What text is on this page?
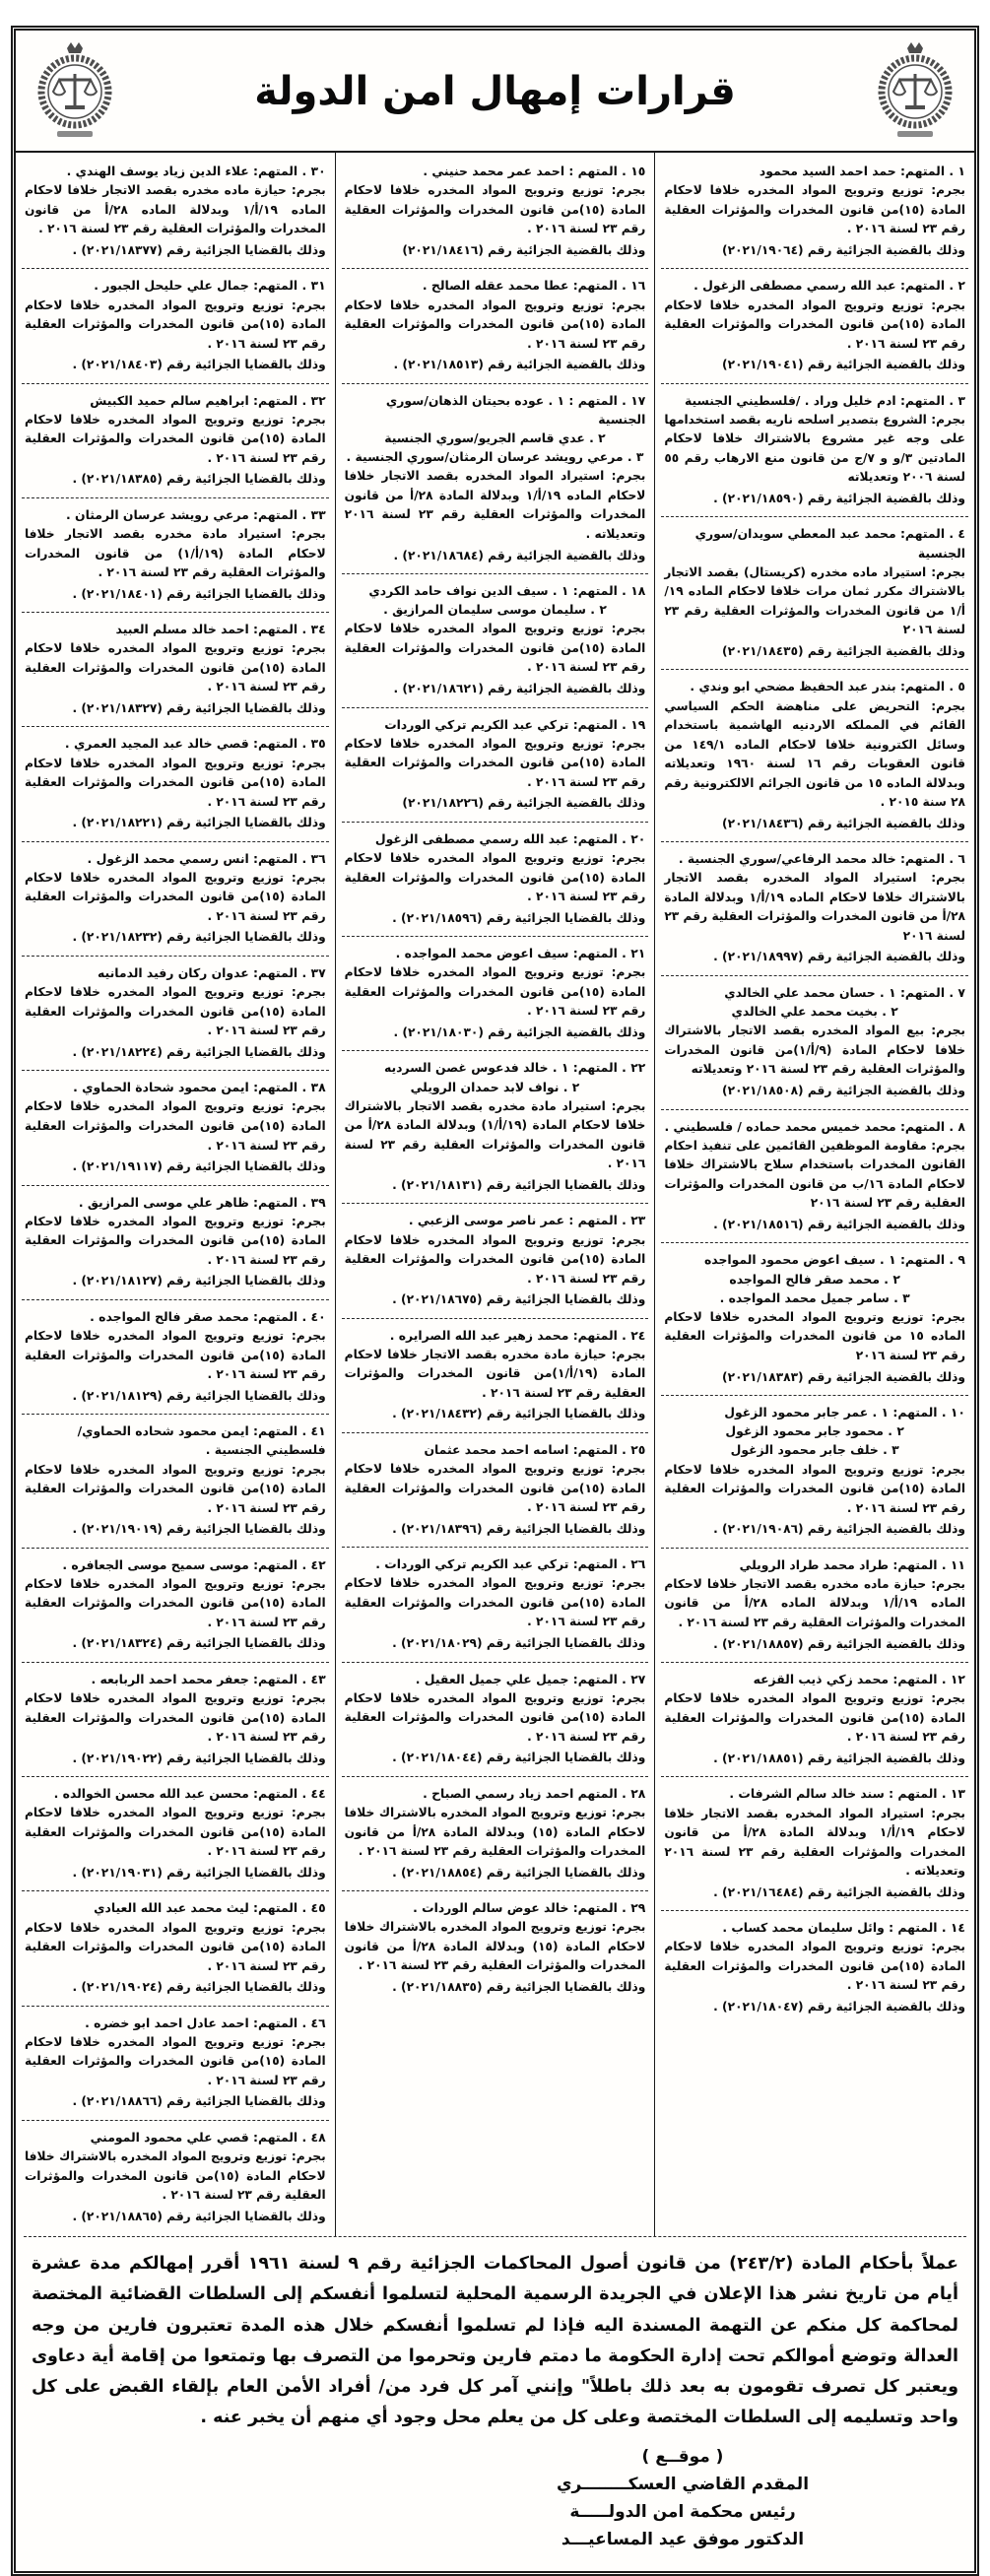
قرارات إمهال امن الدولة
١ . المتهم: حمد احمد السيد محمود
بجرم: توزيع وترويج المواد المخدره خلافا لاحكام المادة (١٥)من قانون المخدرات والمؤثرات العقلية رقم ٢٣ لسنة ٢٠١٦ .
وذلك بالقضية الجزائية رقم (٢٠٢١/١٩٠٦٤)
٢ . المتهم: عبد الله رسمي مصطفى الزغول .
بجرم: توزيع وترويج المواد المخدره خلافا لاحكام المادة (١٥)من قانون المخدرات والمؤثرات العقلية رقم ٢٣ لسنة ٢٠١٦ .
وذلك بالقضية الجزائية رقم (٢٠٢١/١٩٠٤١)
٣ . المتهم: ادم خليل وراد . /فلسطيني الجنسية
بجرم: الشروع بتصدير اسلحه ناريه بقصد استخدامها على وجه غير مشروع بالاشتراك خلافا لاحكام المادتين ٣/و و ٧/ج من قانون منع الارهاب رقم ٥٥ لسنة ٢٠٠٦ وتعديلاته
وذلك بالقضية الجزائية رقم (٢٠٢١/١٨٥٩٠) .
٤ . المتهم: محمد عبد المعطي سويدان/سوري الجنسية
بجرم: استيراد ماده مخدره (كريستال) بقصد الاتجار بالاشتراك مكرر ثمان مرات خلافا لاحكام الماده ١٩/أ/١ من قانون المخدرات والمؤثرات العقلية رقم ٢٣ لسنة ٢٠١٦
وذلك بالقضية الجزائية رقم (٢٠٢١/١٨٤٣٥)
٥ . المتهم: بندر عبد الحفيظ مضحي ابو وندي .
بجرم: التحريض على مناهضة الحكم السياسي القائم في المملكه الاردنيه الهاشمية باستخدام وسائل الكترونية خلافا لاحكام الماده ١٤٩/١ من قانون العقوبات رقم ١٦ لسنة ١٩٦٠ وتعديلاته وبدلالة الماده ١٥ من قانون الجرائم الالكترونية رقم ٢٨ سنة ٢٠١٥ .
وذلك بالقضية الجزائية رقم (٢٠٢١/١٨٤٣٦)
٦ . المتهم: خالد محمد الرفاعي/سوري الجنسية .
بجرم: استيراد المواد المخدره بقصد الاتجار بالاشتراك خلافا لاحكام الماده ١٩/أ/١ وبدلالة المادة ٢٨/أ من قانون المخدرات والمؤثرات العقلية رقم ٢٣ لسنة ٢٠١٦
وذلك بالقضية الجزائية رقم (٢٠٢١/١٨٩٩٧) .
٧ . المتهم: ١ . حسان محمد علي الخالدي
٢ . بخيت محمد علي الخالدي
بجرم: بيع المواد المخدره بقصد الاتجار بالاشتراك خلافا لاحكام المادة (٩/أ/١)من قانون المخدرات والمؤثرات العقلية رقم ٢٣ لسنة ٢٠١٦ وتعديلاته
وذلك بالقضية الجزائية رقم (٢٠٢١/١٨٥٠٨)
٨ . المتهم: محمد خميس محمد حماده / فلسطيني .
بجرم: مقاومة الموظفين القائمين على تنفيذ احكام القانون المخدرات باستخدام سلاح بالاشتراك خلافا لاحكام المادة ١٦/ب من قانون المخدرات والمؤثرات العقلية رقم ٢٣ لسنة ٢٠١٦
وذلك بالقضية الجزائية رقم (٢٠٢١/١٨٥١٦) .
٩ . المتهم: ١ . سيف اعوض محمود المواجده
٢ . محمد صقر فالح المواجده
٣ . سامر جميل محمد المواجده .
بجرم: توزيع وترويج المواد المخدره خلافا لاحكام الماده ١٥ من قانون المخدرات والمؤثرات العقلية رقم ٢٣ لسنة ٢٠١٦
وذلك بالقضية الجزائية رقم (٢٠٢١/١٨٣٨٣)
١٠ . المتهم: ١ . عمر جابر محمود الزغول
٢ . محمود جابر محمود الزغول
٣ . خلف جابر محمود الزغول
بجرم: توزيع وترويج المواد المخدره خلافا لاحكام المادة (١٥)من قانون المخدرات والمؤثرات العقلية رقم ٢٣ لسنة ٢٠١٦ .
وذلك بالقضية الجزائية رقم (٢٠٢١/١٩٠٨٦) .
١١ . المتهم: طراد محمد طراد الرويلي
بجرم: حيازة ماده مخدره بقصد الاتجار خلافا لاحكام الماده ١٩/أ/١ وبدلالة الماده ٢٨/أ من قانون المخدرات والمؤثرات العقلية رقم ٢٣ لسنة ٢٠١٦ .
وذلك بالقضية الجزائية رقم (٢٠٢١/١٨٨٥٧) .
١٢ . المتهم: محمد زكي ذيب القزعه
بجرم: توزيع وترويج المواد المخدره خلافا لاحكام المادة (١٥)من قانون المخدرات والمؤثرات العقلية رقم ٢٣ لسنة ٢٠١٦ .
وذلك بالقضية الجزائية رقم (٢٠٢١/١٨٨٥١) .
١٣ . المتهم : سند خالد سالم الشرفات .
بجرم: استيراد المواد المخدره بقصد الاتجار خلافا لاحكام ١٩/أ/١ وبدلالة المادة ٢٨/أ من قانون المخدرات والمؤثرات العقلية رقم ٢٣ لسنة ٢٠١٦ وتعديلاته .
وذلك بالقضية الجزائية رقم (٢٠٢١/١٦٤٨٤) .
١٤ . المتهم : وائل سليمان محمد كساب .
بجرم: توزيع وترويج المواد المخدره خلافا لاحكام المادة (١٥)من قانون المخدرات والمؤثرات العقلية رقم ٢٣ لسنة ٢٠١٦ .
وذلك بالقضية الجزائية رقم (٢٠٢١/١٨٠٤٧) .
١٥ . المتهم : احمد عمر محمد حنيني .
بجرم: توزيع وترويج المواد المخدره خلافا لاحكام المادة (١٥)من قانون المخدرات والمؤثرات العقلية رقم ٢٣ لسنة ٢٠١٦ .
وذلك بالقضية الجزائية رقم (٢٠٢١/١٨٤١٦)
١٦ . المتهم: عطا محمد عقله الصالح .
بجرم: توزيع وترويج المواد المخدره خلافا لاحكام المادة (١٥)من قانون المخدرات والمؤثرات العقلية رقم ٢٣ لسنة ٢٠١٦ .
وذلك بالقضية الجزائية رقم (٢٠٢١/١٨٥١٣) .
١٧ . المتهم : ١ . عوده بحيتان الذهان/سوري الجنسية
٢ . عدي قاسم الجريو/سوري الجنسية
٣ . مرعي رويشد عرسان الرمثان/سوري الجنسية .
بجرم: استيراد المواد المخدره بقصد الاتجار خلافا لاحكام الماده ١٩/أ/١ وبدلالة المادة ٢٨/أ من قانون المخدرات والمؤثرات العقلية رقم ٢٣ لسنة ٢٠١٦ وتعديلاته .
وذلك بالقضية الجزائية رقم (٢٠٢١/١٨٦٨٤) .
١٨ . المتهم: ١ . سيف الدين نواف حامد الكردي
٢ . سليمان موسى سليمان المرازيق .
بجرم: توزيع وترويج المواد المخدره خلافا لاحكام المادة (١٥)من قانون المخدرات والمؤثرات العقلية رقم ٢٣ لسنة ٢٠١٦ .
وذلك بالقضية الجزائية رقم (٢٠٢١/١٨٦٢١) .
١٩ . المتهم: تركي عبد الكريم تركي الوردات
بجرم: توزيع وترويج المواد المخدره خلافا لاحكام المادة (١٥)من قانون المخدرات والمؤثرات العقلية رقم ٢٣ لسنة ٢٠١٦ .
وذلك بالقضية الجزائية رقم (٢٠٢١/١٨٢٢٦)
٢٠ . المتهم: عبد الله رسمي مصطفى الزغول
بجرم: توزيع وترويج المواد المخدره خلافا لاحكام المادة (١٥)من قانون المخدرات والمؤثرات العقلية رقم ٢٣ لسنة ٢٠١٦ .
وذلك بالقضايا الجزائية رقم (٢٠٢١/١٨٥٩٦) .
٢١ . المتهم: سيف اعوض محمد المواجده .
بجرم: توزيع وترويج المواد المخدره خلافا لاحكام المادة (١٥)من قانون المخدرات والمؤثرات العقلية رقم ٢٣ لسنة ٢٠١٦ .
وذلك بالقضية الجزائية رقم (٢٠٢١/١٨٠٣٠) .
٢٢ . المتهم: ١ . خالد فدعوس غصن السرديه
٢ . نواف لابد حمدان الرويلي
بجرم: استيراد مادة مخدره بقصد الاتجار بالاشتراك خلافا لاحكام المادة (١٩/أ/١) وبدلالة المادة ٢٨/أ من قانون المخدرات والمؤثرات العقلية رقم ٢٣ لسنة ٢٠١٦ .
وذلك بالقضايا الجزائية رقم (٢٠٢١/١٨١٣١) .
٢٣ . المتهم : عمر ناصر موسى الزعبي .
بجرم: توزيع وترويج المواد المخدره خلافا لاحكام المادة (١٥)من قانون المخدرات والمؤثرات العقلية رقم ٢٣ لسنة ٢٠١٦ .
وذلك بالقضايا الجزائية رقم (٢٠٢١/١٨٦٧٥) .
٢٤ . المتهم: محمد زهير عبد الله الصرايره .
بجرم: حيازة مادة مخدره بقصد الاتجار خلافا لاحكام المادة (١٩/أ/١)من قانون المخدرات والمؤثرات العقلية رقم ٢٣ لسنة ٢٠١٦ .
وذلك بالقضايا الجزائية رقم (٢٠٢١/١٨٤٣٢) .
٢٥ . المتهم: اسامه احمد محمد عثمان
بجرم: توزيع وترويج المواد المخدره خلافا لاحكام المادة (١٥)من قانون المخدرات والمؤثرات العقلية رقم ٢٣ لسنة ٢٠١٦ .
وذلك بالقضايا الجزائية رقم (٢٠٢١/١٨٣٩٦) .
٢٦ . المتهم: تركي عبد الكريم تركي الوردات .
بجرم: توزيع وترويج المواد المخدره خلافا لاحكام المادة (١٥)من قانون المخدرات والمؤثرات العقلية رقم ٢٣ لسنة ٢٠١٦ .
وذلك بالقضايا الجزائية رقم (٢٠٢١/١٨٠٢٩) .
٢٧ . المتهم: جميل علي جميل العقيل .
بجرم: توزيع وترويج المواد المخدره خلافا لاحكام المادة (١٥)من قانون المخدرات والمؤثرات العقلية رقم ٢٣ لسنة ٢٠١٦ .
وذلك بالقضايا الجزائية رقم (٢٠٢١/١٨٠٤٤) .
٢٨ . المتهم احمد زياد رسمي الصباح .
بجرم: توزيع وترويج المواد المخدره بالاشتراك خلافا لاحكام المادة (١٥) وبدلالة المادة ٢٨/أ من قانون المخدرات والمؤثرات العقلية رقم ٢٣ لسنة ٢٠١٦ .
وذلك بالقضايا الجزائية رقم (٢٠٢١/١٨٨٥٤) .
٢٩ . المتهم: خالد عوض سالم الوردات .
بجرم: توزيع وترويج المواد المخدره بالاشتراك خلافا لاحكام المادة (١٥) وبدلالة المادة ٢٨/أ من قانون المخدرات والمؤثرات العقلية رقم ٢٣ لسنة ٢٠١٦ .
وذلك بالقضايا الجزائية رقم (٢٠٢١/١٨٨٣٥) .
٣٠ . المتهم: علاء الدين زياد يوسف الهندي .
بجرم: حيازة ماده مخدره بقصد الاتجار خلافا لاحكام الماده ١٩/أ/١ وبدلالة الماده ٢٨/أ من قانون المخدرات والمؤثرات العقلية رقم ٢٣ لسنة ٢٠١٦ .
وذلك بالقضايا الجزائية رقم (٢٠٢١/١٨٣٧٧) .
٣١ . المتهم: جمال علي حليحل الجبور .
بجرم: توزيع وترويج المواد المخدره خلافا لاحكام المادة (١٥)من قانون المخدرات والمؤثرات العقلية رقم ٢٣ لسنة ٢٠١٦ .
وذلك بالقضايا الجزائية رقم (٢٠٢١/١٨٤٠٣) .
٣٢ . المتهم: ابراهيم سالم حميد الكبيش
بجرم: توزيع وترويج المواد المخدره خلافا لاحكام المادة (١٥)من قانون المخدرات والمؤثرات العقلية رقم ٢٣ لسنة ٢٠١٦ .
وذلك بالقضايا الجزائية رقم (٢٠٢١/١٨٣٨٥) .
٣٣ . المتهم: مرعي رويشد عرسان الرمثان .
بجرم: استيراد مادة مخدره بقصد الاتجار خلافا لاحكام المادة (١٩/أ/١) من قانون المخدرات والمؤثرات العقلية رقم ٢٣ لسنة ٢٠١٦ .
وذلك بالقضايا الجزائية رقم (٢٠٢١/١٨٤٠١) .
٣٤ . المتهم: احمد خالد مسلم العبيد
بجرم: توزيع وترويج المواد المخدره خلافا لاحكام المادة (١٥)من قانون المخدرات والمؤثرات العقلية رقم ٢٣ لسنة ٢٠١٦ .
وذلك بالقضايا الجزائية رقم (٢٠٢١/١٨٣٢٧) .
٣٥ . المتهم: قصي خالد عبد المجيد العمري .
بجرم: توزيع وترويج المواد المخدره خلافا لاحكام المادة (١٥)من قانون المخدرات والمؤثرات العقلية رقم ٢٣ لسنة ٢٠١٦ .
وذلك بالقضايا الجزائية رقم (٢٠٢١/١٨٢٢١) .
٣٦ . المتهم: انس رسمي محمد الزغول .
بجرم: توزيع وترويج المواد المخدره خلافا لاحكام المادة (١٥)من قانون المخدرات والمؤثرات العقلية رقم ٢٣ لسنة ٢٠١٦ .
وذلك بالقضايا الجزائية رقم (٢٠٢١/١٨٢٣٢) .
٣٧ . المتهم: عدوان ركان رفيد الدمانيه
بجرم: توزيع وترويج المواد المخدره خلافا لاحكام المادة (١٥)من قانون المخدرات والمؤثرات العقلية رقم ٢٣ لسنة ٢٠١٦ .
وذلك بالقضايا الجزائية رقم (٢٠٢١/١٨٢٢٤) .
٣٨ . المتهم: ايمن محمود شحادة الحماوي .
بجرم: توزيع وترويج المواد المخدره خلافا لاحكام المادة (١٥)من قانون المخدرات والمؤثرات العقلية رقم ٢٣ لسنة ٢٠١٦ .
وذلك بالقضايا الجزائية رقم (٢٠٢١/١٩١١٧) .
٣٩ . المتهم: ظاهر علي موسى المرازيق .
بجرم: توزيع وترويج المواد المخدره خلافا لاحكام المادة (١٥)من قانون المخدرات والمؤثرات العقلية رقم ٢٣ لسنة ٢٠١٦ .
وذلك بالقضايا الجزائية رقم (٢٠٢١/١٨١٢٧) .
٤٠ . المتهم: محمد صقر فالح المواجده .
بجرم: توزيع وترويج المواد المخدره خلافا لاحكام المادة (١٥)من قانون المخدرات والمؤثرات العقلية رقم ٢٣ لسنة ٢٠١٦ .
وذلك بالقضايا الجزائية رقم (٢٠٢١/١٨١٢٩) .
٤١ . المتهم: ايمن محمود شحاده الحماوي/فلسطيني الجنسية .
بجرم: توزيع وترويج المواد المخدره خلافا لاحكام المادة (١٥)من قانون المخدرات والمؤثرات العقلية رقم ٢٣ لسنة ٢٠١٦ .
وذلك بالقضايا الجزائية رقم (٢٠٢١/١٩٠١٩) .
٤٢ . المتهم: موسى سميح موسى الجعافره .
بجرم: توزيع وترويج المواد المخدره خلافا لاحكام المادة (١٥)من قانون المخدرات والمؤثرات العقلية رقم ٢٣ لسنة ٢٠١٦ .
وذلك بالقضايا الجزائية رقم (٢٠٢١/١٨٣٢٤) .
٤٣ . المتهم: جعفر محمد احمد الربابعه .
بجرم: توزيع وترويج المواد المخدره خلافا لاحكام المادة (١٥)من قانون المخدرات والمؤثرات العقلية رقم ٢٣ لسنة ٢٠١٦ .
وذلك بالقضايا الجزائية رقم (٢٠٢١/١٩٠٢٢) .
٤٤ . المتهم: محسن عبد الله محسن الخوالده .
بجرم: توزيع وترويج المواد المخدره خلافا لاحكام المادة (١٥)من قانون المخدرات والمؤثرات العقلية رقم ٢٣ لسنة ٢٠١٦ .
وذلك بالقضايا الجزائية رقم (٢٠٢١/١٩٠٣١) .
٤٥ . المتهم: ليث محمد عبد الله العيادي
بجرم: توزيع وترويج المواد المخدره خلافا لاحكام المادة (١٥)من قانون المخدرات والمؤثرات العقلية رقم ٢٣ لسنة ٢٠١٦ .
وذلك بالقضايا الجزائية رقم (٢٠٢١/١٩٠٢٤) .
٤٦ . المتهم: احمد عادل احمد ابو خضره .
بجرم: توزيع وترويج المواد المخدره خلافا لاحكام المادة (١٥)من قانون المخدرات والمؤثرات العقلية رقم ٢٣ لسنة ٢٠١٦ .
وذلك بالقضايا الجزائية رقم (٢٠٢١/١٨٨٦٦) .
٤٨ . المتهم: قصي علي محمود المومني
بجرم: توزيع وترويج المواد المخدره بالاشتراك خلافا لاحكام المادة (١٥)من قانون المخدرات والمؤثرات العقلية رقم ٢٣ لسنة ٢٠١٦ .
وذلك بالقضايا الجزائية رقم (٢٠٢١/١٨٨٦٥) .
عملاً بأحكام المادة (٢٤٣/٢) من قانون أصول المحاكمات الجزائية رقم ٩ لسنة ١٩٦١ أقرر إمهالكم مدة عشرة أيام من تاريخ نشر هذا الإعلان في الجريدة الرسمية المحلية لتسلموا أنفسكم إلى السلطات القضائية المختصة لمحاكمة كل منكم عن التهمة المسندة اليه فإذا لم تسلموا أنفسكم خلال هذه المدة تعتبرون فارين من وجه العدالة وتوضع أموالكم تحت إدارة الحكومة ما دمتم فارين وتحرموا من التصرف بها وتمتعوا من إقامة أية دعاوى ويعتبر كل تصرف تقومون به بعد ذلك باطلاً" وإنني آمر كل فرد من/ أفراد الأمن العام بإلقاء القبض على كل واحد وتسليمه إلى السلطات المختصة وعلى كل من يعلم محل وجود أي منهم أن يخبر عنه .
( موقــع )
المقدم القاضي العسكــــــــري
رئيس محكمة امن الدولـــــة
الدكتور موفق عيد المساعيـــد
